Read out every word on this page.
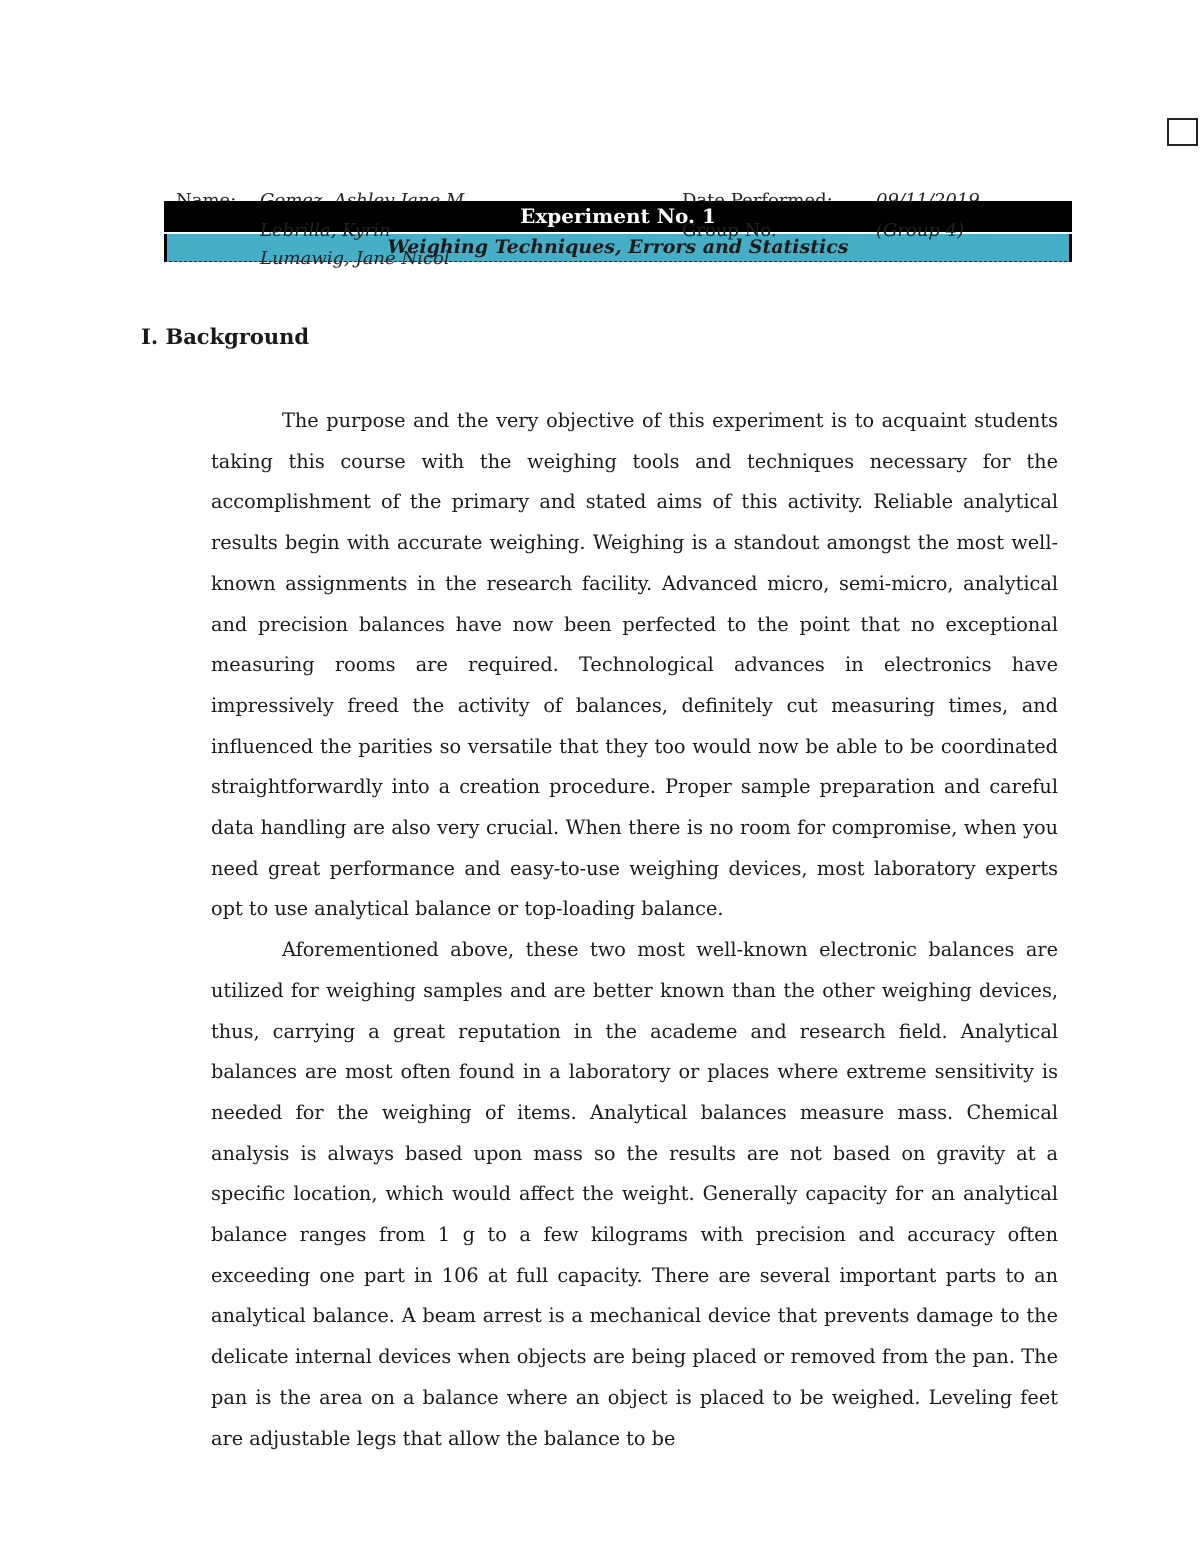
Experiment No. 1
Lebrilla, Kyrin	Group No.	(Group 4)
Lumawig, Jane Nicol
Weighing Techniques, Errors and Statistics
I. Background

The purpose and the very objective of this experiment is to acquaint students taking this course with the weighing tools and techniques necessary for the accomplishment of the primary and stated aims of this activity. Reliable analytical results begin with accurate weighing. Weighing is a standout amongst the most well-known assignments in the research facility. Advanced micro, semi-micro, analytical and precision balances have now been perfected to the point that no exceptional measuring rooms are required. Technological advances in electronics have impressively freed the activity of balances, definitely cut measuring times, and influenced the parities so versatile that they too would now be able to be coordinated straightforwardly into a creation procedure. Proper sample preparation and careful data handling are also very crucial. When there is no room for compromise, when you need great performance and easy-to-use weighing devices, most laboratory experts opt to use analytical balance or top-loading balance.

Aforementioned above, these two most well-known electronic balances are utilized for weighing samples and are better known than the other weighing devices, thus, carrying a great reputation in the academe and research field. Analytical balances are most often found in a laboratory or places where extreme sensitivity is needed for the weighing of items. Analytical balances measure mass. Chemical analysis is always based upon mass so the results are not based on gravity at a specific location, which would affect the weight. Generally capacity for an analytical balance ranges from 1 g to a few kilograms with precision and accuracy often exceeding one part in 106 at full capacity. There are several important parts to an analytical balance. A beam arrest is a mechanical device that prevents damage to the delicate internal devices when objects are being placed or removed from the pan. The pan is the area on a balance where an object is placed to be weighed. Leveling feet are adjustable legs that allow the balance to be
